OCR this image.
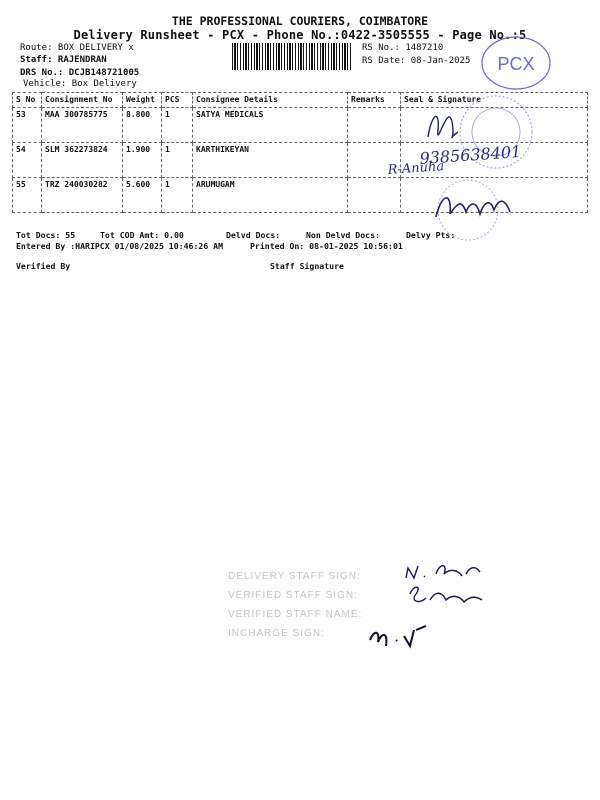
THE PROFESSIONAL COURIERS, COIMBATORE
Delivery Runsheet - PCX - Phone No.:0422-3505555 - Page No.:5
Route: BOX DELIVERY x
Staff: RAJENDRAN
DRS No.: DCJB148721005
Vehicle: Box Delivery
RS No.: 1487210
RS Date: 08-Jan-2025 PCX
S No	Consignment No	Weight	PCS	Consignee Details	Remarks	Seal & Signature
53	MAA 300785775	8.800	1	SATYA MEDICALS		
54	SLM 362273824	1.900	1	KARTHIKEYAN		
55	TRZ 240030282	5.600	1	ARUMUGAM		
9385638401
R-Anuha
Tot Docs: 55	Tot COD Amt: 0.00	Delvd Docs:	Non Delvd Docs:	Delvy Pts:
Entered By :HARIPCX 01/08/2025 10:46:26 AM	Printed On: 08-01-2025 10:56:01
Verified By	Staff Signature
DELIVERY STAFF SIGN:
VERIFIED STAFF SIGN:
VERIFIED STAFF NAME:
INCHARGE SIGN:
